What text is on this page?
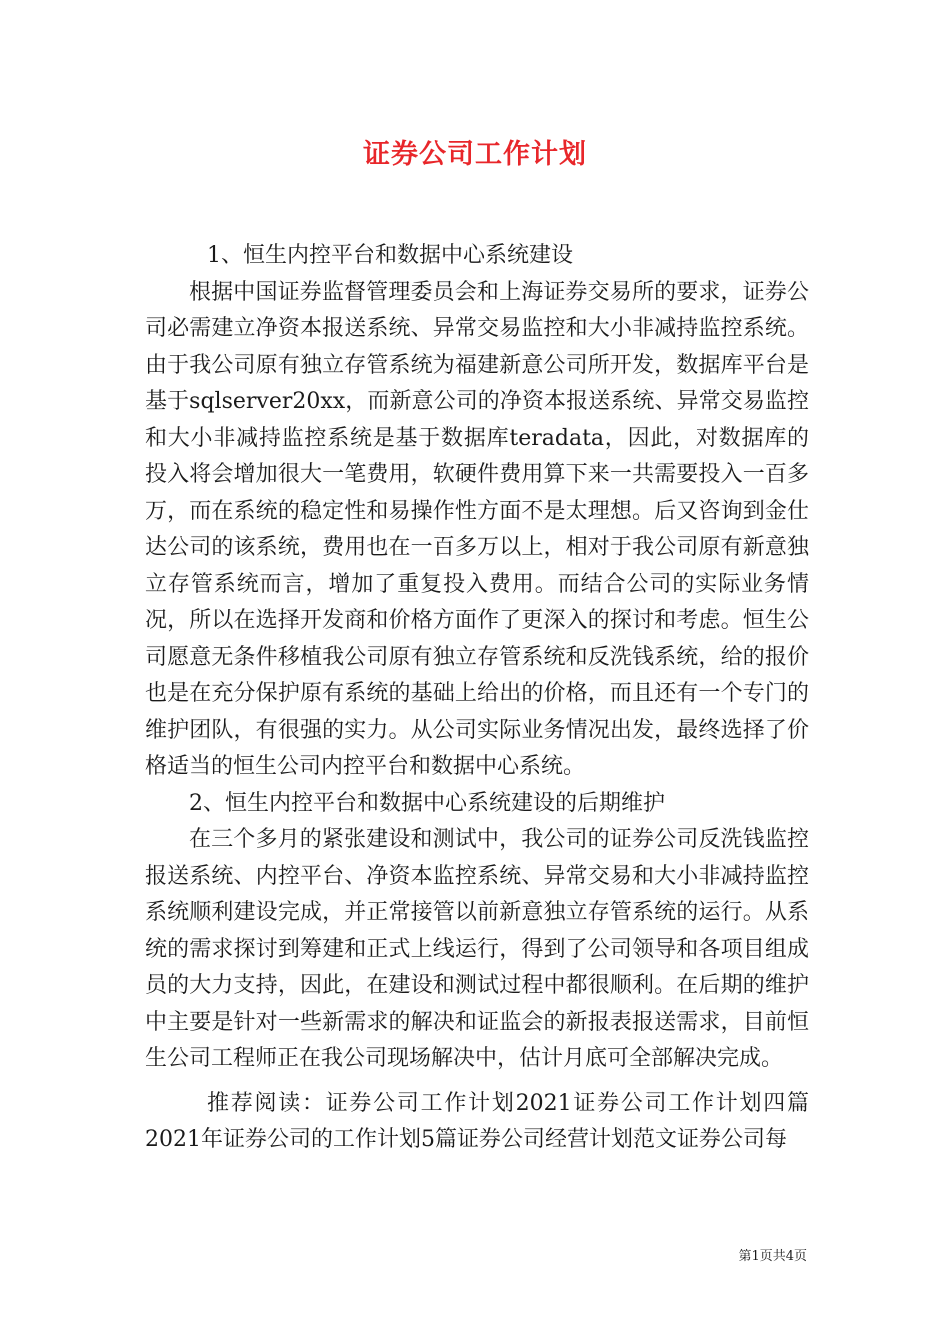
证券公司工作计划

1、恒生内控平台和数据中心系统建设

根据中国证券监督管理委员会和上海证券交易所的要求，证券公司必需建立净资本报送系统、异常交易监控和大小非减持监控系统。由于我公司原有独立存管系统为福建新意公司所开发，数据库平台是基于sqlserver20xx，而新意公司的净资本报送系统、异常交易监控和大小非减持监控系统是基于数据库teradata，因此，对数据库的投入将会增加很大一笔费用，软硬件费用算下来一共需要投入一百多万，而在系统的稳定性和易操作性方面不是太理想。后又咨询到金仕达公司的该系统，费用也在一百多万以上，相对于我公司原有新意独立存管系统而言，增加了重复投入费用。而结合公司的实际业务情况，所以在选择开发商和价格方面作了更深入的探讨和考虑。恒生公司愿意无条件移植我公司原有独立存管系统和反洗钱系统，给的报价也是在充分保护原有系统的基础上给出的价格，而且还有一个专门的维护团队，有很强的实力。从公司实际业务情况出发，最终选择了价格适当的恒生公司内控平台和数据中心系统。

2、恒生内控平台和数据中心系统建设的后期维护

在三个多月的紧张建设和测试中，我公司的证券公司反洗钱监控报送系统、内控平台、净资本监控系统、异常交易和大小非减持监控系统顺利建设完成，并正常接管以前新意独立存管系统的运行。从系统的需求探讨到筹建和正式上线运行，得到了公司领导和各项目组成员的大力支持，因此，在建设和测试过程中都很顺利。在后期的维护中主要是针对一些新需求的解决和证监会的新报表报送需求，目前恒生公司工程师正在我公司现场解决中，估计月底可全部解决完成。

推荐阅读：证券公司工作计划2021证券公司工作计划四篇2021年证券公司的工作计划5篇证券公司经营计划范文证券公司每

第1页共4页
